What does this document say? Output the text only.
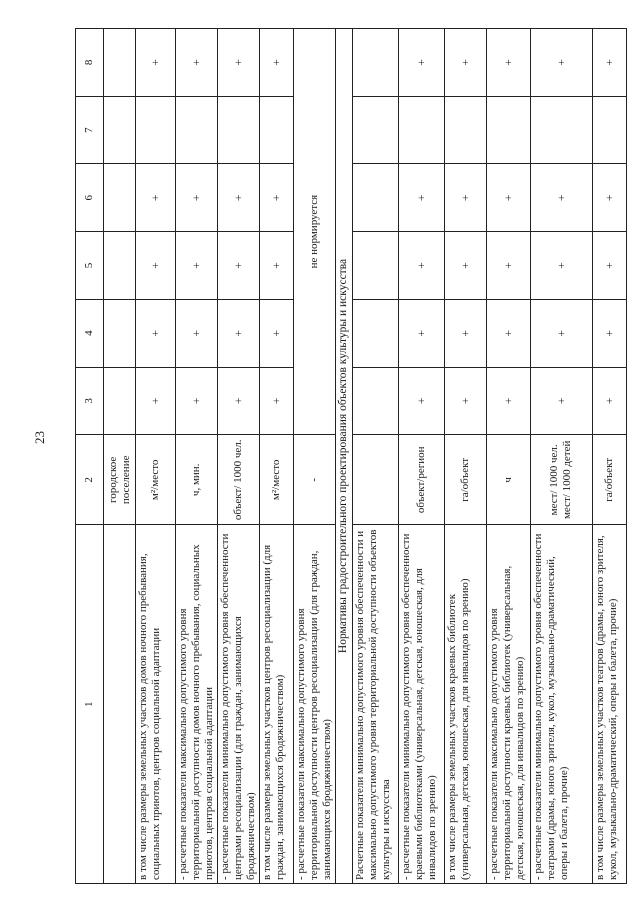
23
1	2	3	4	5	6	7	8
	городское поселение						
в том числе размеры земельных участков домов ночного пребывания, социальных приютов, центров социальной адаптации	м²/место	+	+	+	+		+
- расчетные показатели максимально допустимого уровня территориальной доступности домов ночного пребывания, социальных приютов, центров социальной адаптации	ч, мин.	+	+	+	+		+
- расчетные показатели минимально допустимого уровня обеспеченности центрами ресоциализации (для граждан, занимающихся бродяжничеством)	объект/ 1000 чел.	+	+	+	+		+
в том числе размеры земельных участков центров ресоциализации (для граждан, занимающихся бродяжничеством)	м²/место	+	+	+	+		+
- расчетные показатели максимально допустимого уровня территориальной доступности центров ресоциализации (для граждан, занимающихся бродяжничеством)	-	не нормируется					
Нормативы градостроительного проектирования объектов культуры и искусства							
Расчетные показатели минимально допустимого уровня обеспеченности и максимально допустимого уровня территориальной доступности объектов культуры и искусства							
- расчетные показатели минимально допустимого уровня обеспеченности краевыми библиотеками (универсальная, детская, юношеская, для инвалидов по зрению)	объект/регион	+	+	+	+		+
в том числе размеры земельных участков краевых библиотек (универсальная, детская, юношеская, для инвалидов по зрению)	га/объект	+	+	+	+		+
- расчетные показатели максимально допустимого уровня территориальной доступности краевых библиотек (универсальная, детская, юношеская, для инвалидов по зрению)	ч	+	+	+	+		+
- расчетные показатели минимально допустимого уровня обеспеченности театрами (драмы, юного зрителя, кукол, музыкально-драматический, оперы и балета, прочие)	мест/ 1000 чел. мест/ 1000 детей	+	+	+	+		+
в том числе размеры земельных участков театров (драмы, юного зрителя, кукол, музыкально-драматический, оперы и балета, прочие)	га/объект	+	+	+	+		+
